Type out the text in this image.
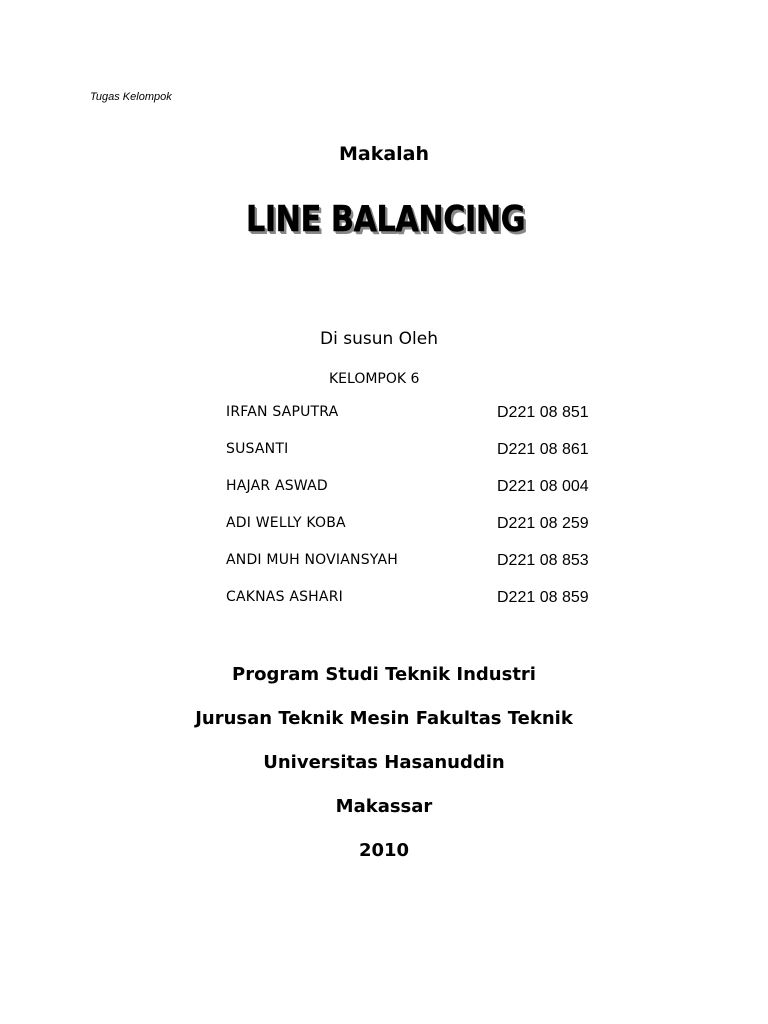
Tugas Kelompok
Makalah
LINE BALANCING
Di susun Oleh
KELOMPOK 6
IRFAN SAPUTRA	D221 08 851
SUSANTI	D221 08 861
HAJAR ASWAD	D221 08 004
ADI WELLY KOBA	D221 08 259
ANDI MUH NOVIANSYAH	D221 08 853
CAKNAS ASHARI	D221 08 859
Program Studi Teknik Industri
Jurusan Teknik Mesin Fakultas Teknik
Universitas Hasanuddin
Makassar
2010
